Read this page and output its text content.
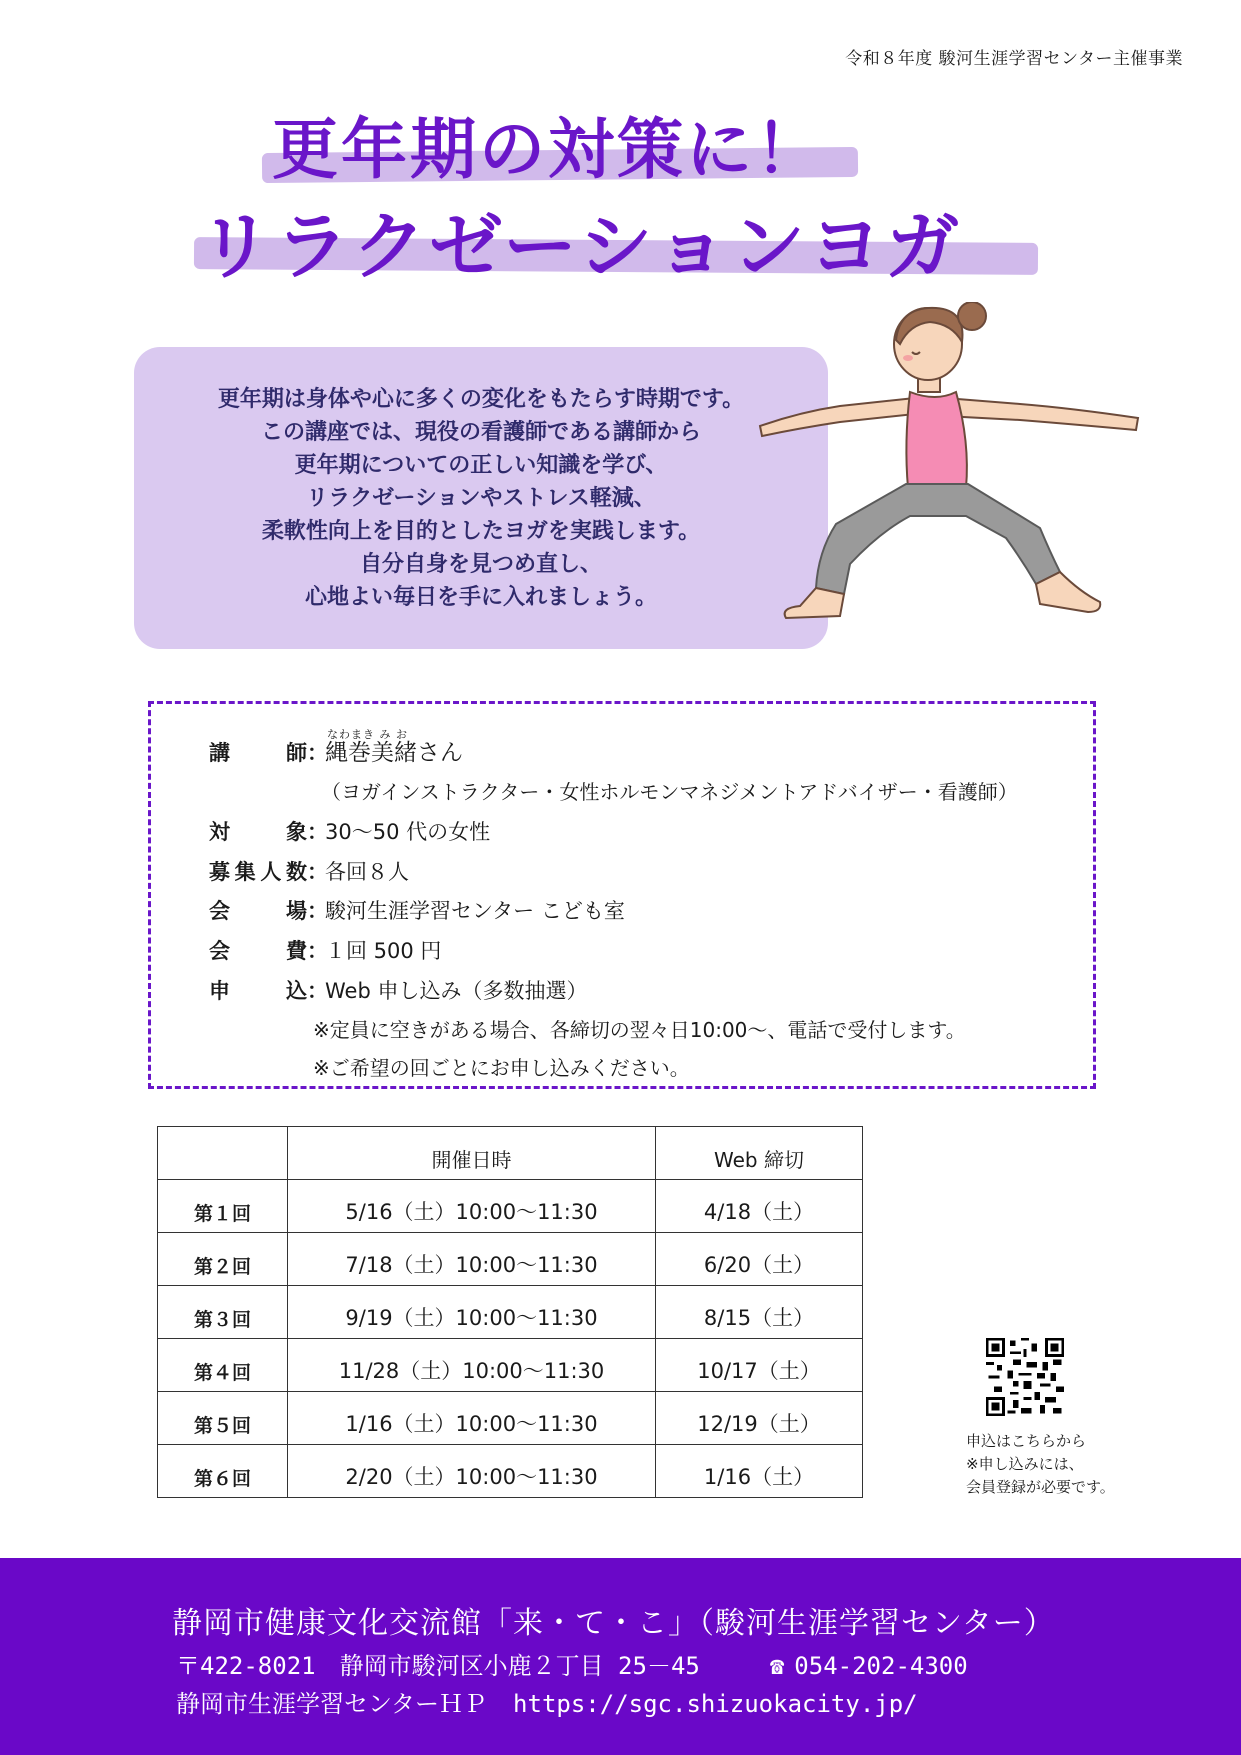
令和８年度 駿河生涯学習センター主催事業
更年期の対策に！
リラクゼーションヨガ
更年期は身体や心に多くの変化をもたらす時期です。
この講座では、現役の看護師である講師から
更年期についての正しい知識を学び、
リラクゼーションやストレス軽減、
柔軟性向上を目的としたヨガを実践します。
自分自身を見つめ直し、
心地よい毎日を手に入れましょう。
なわまき み お
講師：縄巻美緒さん
（ヨガインストラクター・女性ホルモンマネジメントアドバイザー・看護師）
対象：30～50 代の女性
募集人数：各回８人
会場：駿河生涯学習センター こども室
会費：１回 500 円
申込：Web 申し込み（多数抽選）
※定員に空きがある場合、各締切の翌々日10:00～、電話で受付します。
※ご希望の回ごとにお申し込みください。
	開催日時	Web 締切
第１回	5/16（土）10:00～11:30	4/18（土）
第２回	7/18（土）10:00～11:30	6/20（土）
第３回	9/19（土）10:00～11:30	8/15（土）
第４回	11/28（土）10:00～11:30	10/17（土）
第５回	1/16（土）10:00～11:30	12/19（土）
第６回	2/20（土）10:00～11:30	1/16（土）
申込はこちらから
※申し込みには、
会員登録が必要です。
静岡市健康文化交流館「来・て・こ」（駿河生涯学習センター）
〒422-8021　静岡市駿河区小鹿２丁目 25－45	☎ 054-202-4300
静岡市生涯学習センターＨＰ https://sgc.shizuokacity.jp/
